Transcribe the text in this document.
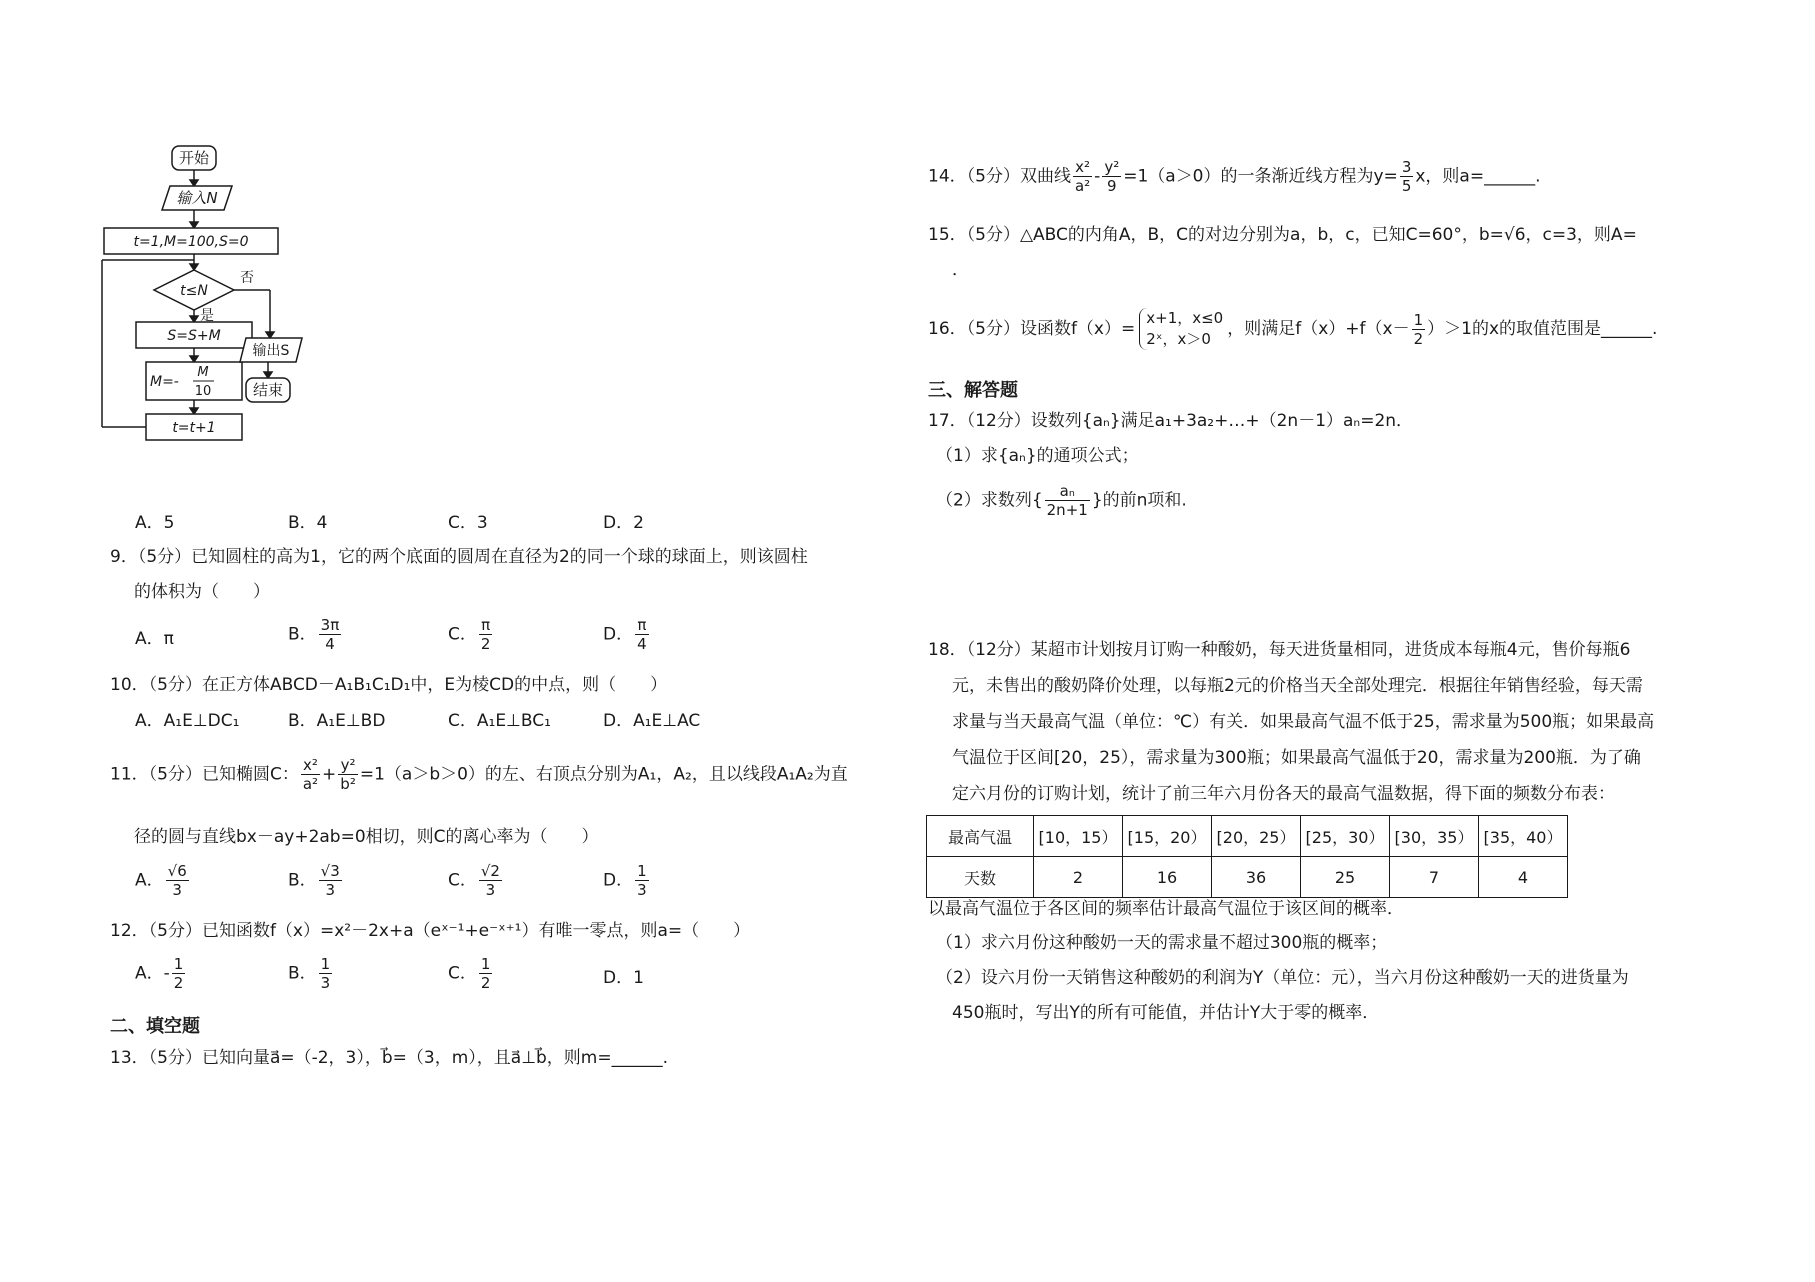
开始
输入N
t=1,M=100,S=0
t≤N
否
是
S=S+M
M=-
M
10
t=t+1
输出S
结束
A．5	B．4	C．3	D．2
9．（5分）已知圆柱的高为1，它的两个底面的圆周在直径为2的同一个球的球面上，则该圆柱
的体积为（　　）
A．π	B． $\frac{3\pi}{4}$	C． $\frac{\pi}{2}$	D． $\frac{\pi}{4}$
10．（5分）在正方体ABCD－A₁B₁C₁D₁中，E为棱CD的中点，则（　　）
A．A₁E⊥DC₁	B．A₁E⊥BD	C．A₁E⊥BC₁	D．A₁E⊥AC
11．（5分）已知椭圆C： $\frac{\text{x²}}{\text{a²}} + \frac{\text{y²}}{\text{b²}} =1(a>b>0)$的左、右顶点分别为A₁，A₂，且以线段A₁A₂为直
径的圆与直线bx－ay+2ab=0相切，则C的离心率为（　　）
A． $\frac{√6}{3}$	B． $\frac{√3}{3}$	C． $\frac{√2}{3}$	D． $\frac{1}{3}$
12．（5分）已知函数f（x）=x²－2x+a（eˣ⁻¹+e⁻ˣ⁺¹）有唯一零点，则a=（　　）
A．- $\frac{1}{2}$	B． $\frac{1}{3}$	C． $\frac{1}{2}$	D．1
二、填空题
13．（5分）已知向量a⃗=（-2，3），b⃗=（3，m），且a⃗⊥b⃗，则m=______.
14．（5分）双曲线 $\frac{\text{x²}}{\text{a²}} - \frac{\text{y²}}{9} =1(a>0)$的一条渐近线方程为$y= \frac{3}{5}$ x，则a=______.
15．（5分）△ABC的内角A，B，C的对边分别为a，b，c，已知C=60°，b=√6，c=3，则A=
．
16．（5分）设函数f（x）=
x+1，x≤0
2ˣ，x＞0 ，则满足$f(x)+f(x- \frac{1}{2} )>1$的x的取值范围是______.
三、解答题
17．（12分）设数列{aₙ}满足a₁+3a₂+…+（2n－1）aₙ=2n．
（1）求{aₙ}的通项公式；
（2）求数列{ $\frac{\text{aₙ}}{2n+1}$ }的前n项和.
18．（12分）某超市计划按月订购一种酸奶，每天进货量相同，进货成本每瓶4元，售价每瓶6
元，未售出的酸奶降价处理，以每瓶2元的价格当天全部处理完．根据往年销售经验，每天需
求量与当天最高气温（单位：℃）有关．如果最高气温不低于25，需求量为500瓶；如果最高
气温位于区间[20，25），需求量为300瓶；如果最高气温低于20，需求量为200瓶．为了确
定六月份的订购计划，统计了前三年六月份各天的最高气温数据，得下面的频数分布表：
最高气温	[10，15）	[15，20）	[20，25）	[25，30）	[30，35）	[35，40）
天数	2	16	36	25	7	4
以最高气温位于各区间的频率估计最高气温位于该区间的概率．
（1）求六月份这种酸奶一天的需求量不超过300瓶的概率；
（2）设六月份一天销售这种酸奶的利润为Y（单位：元），当六月份这种酸奶一天的进货量为
450瓶时，写出Y的所有可能值，并估计Y大于零的概率．
